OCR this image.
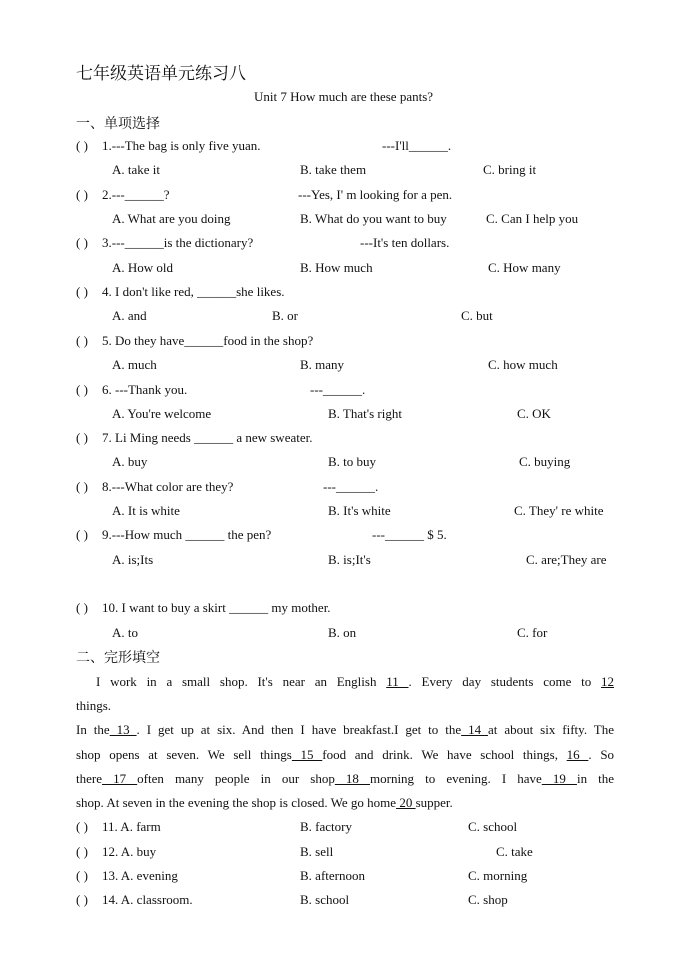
七年级英语单元练习八
Unit 7 How much are these pants?
一、单项选择
( ) 1.---The bag is only five yuan.	---I'll______.
A. take it	B. take them	C. bring it
( ) 2.---______?	---Yes, I' m looking for a pen.
A. What are you doing	B. What do you want to buy	C. Can I help you
( ) 3.---______is the dictionary?	---It's ten dollars.
A. How old	B. How much	C. How many
( ) 4. I don't like red, ______she likes.
A. and	B. or	C. but
( ) 5. Do they have______food in the shop?
A. much	B. many	C. how much
( ) 6. ---Thank you.	---______.
A. You're welcome	B. That's right	C. OK
( ) 7. Li Ming needs ______ a new sweater.
A. buy	B. to buy	C. buying
( ) 8.---What color are they?	---______.
A. It is white	B. It's white	C. They' re white
( ) 9.---How much ______ the pen?	---______ $ 5.
A. is;Its	B. is;It's	C. are;They are
( ) 10. I want to buy a skirt ______ my mother.
A. to	B. on	C. for
二、完形填空
I work in a small shop. It's near an English 11 . Every day students come to 12
things.
In the 13 . I get up at six. And then I have breakfast.I get to the 14 at about six fifty. The
shop opens at seven. We sell things 15 food and drink. We have school things, 16 . So
there 17 often many people in our shop 18 morning to evening. I have 19 in the
shop. At seven in the evening the shop is closed. We go home 20 supper.
( ) 11. A. farm	B. factory	C. school
( ) 12. A. buy	B. sell	C. take
( ) 13. A. evening	B. afternoon	C. morning
( ) 14. A. classroom.	B. school	C. shop
